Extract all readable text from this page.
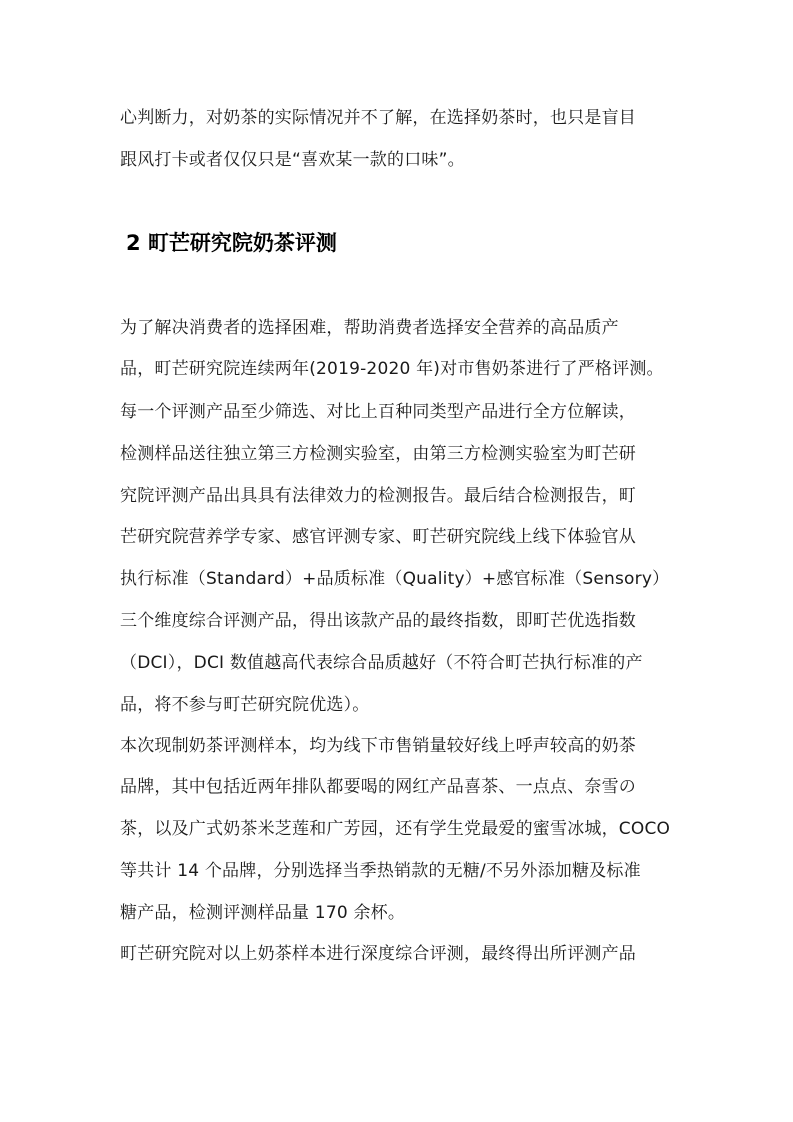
心判断力，对奶茶的实际情况并不了解，在选择奶茶时，也只是盲目
跟风打卡或者仅仅只是“喜欢某一款的口味”。
2 町芒研究院奶茶评测
为了解决消费者的选择困难，帮助消费者选择安全营养的高品质产
品，町芒研究院连续两年(2019-2020 年)对市售奶茶进行了严格评测。
每一个评测产品至少筛选、对比上百种同类型产品进行全方位解读，
检测样品送往独立第三方检测实验室，由第三方检测实验室为町芒研
究院评测产品出具具有法律效力的检测报告。最后结合检测报告，町
芒研究院营养学专家、感官评测专家、町芒研究院线上线下体验官从
执行标准（Standard）+品质标准（Quality）+感官标准（Sensory）
三个维度综合评测产品，得出该款产品的最终指数，即町芒优选指数
（DCI），DCI 数值越高代表综合品质越好（不符合町芒执行标准的产
品，将不参与町芒研究院优选）。
本次现制奶茶评测样本，均为线下市售销量较好线上呼声较高的奶茶
品牌，其中包括近两年排队都要喝的网红产品喜茶、一点点、奈雪の
茶，以及广式奶茶米芝莲和广芳园，还有学生党最爱的蜜雪冰城，COCO
等共计 14 个品牌，分别选择当季热销款的无糖/不另外添加糖及标准
糖产品，检测评测样品量 170 余杯。
町芒研究院对以上奶茶样本进行深度综合评测，最终得出所评测产品
